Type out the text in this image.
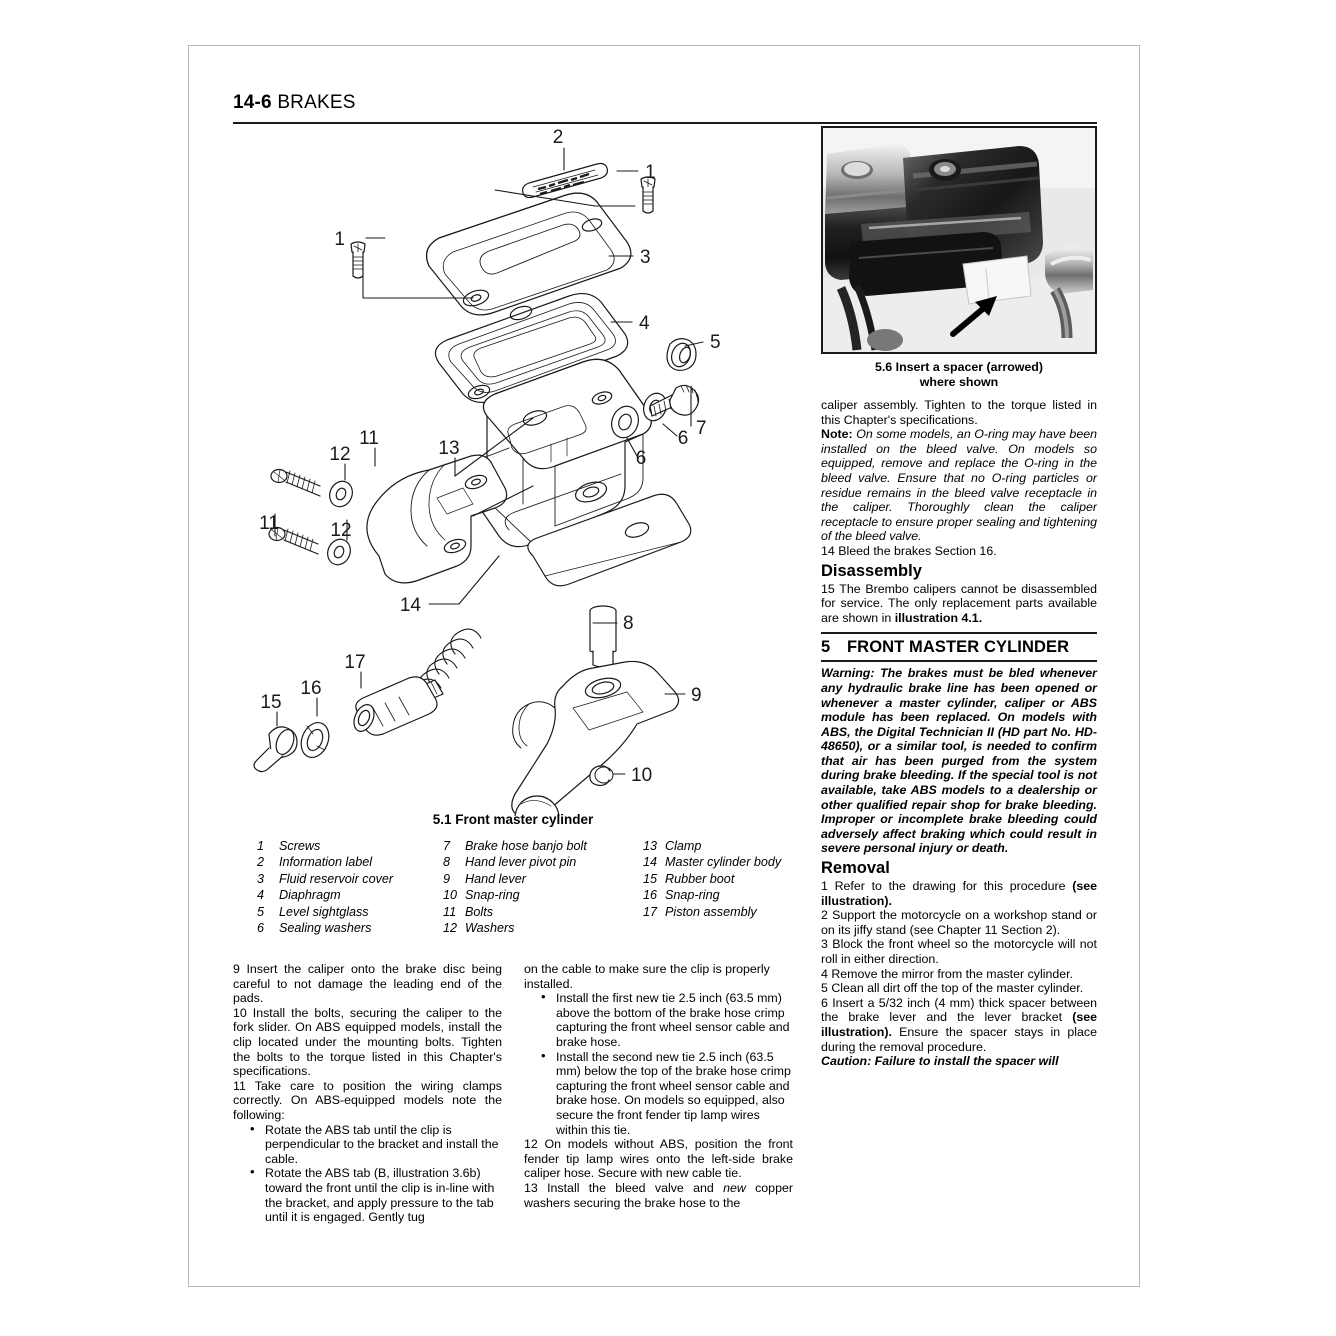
14-6 BRAKES
2
1
1
3
4
5
6
6
7
11
12
11	12
13
14
8
9
10
17
16
15
5.1 Front master cylinder
1	Screws
2	Information label
3	Fluid reservoir cover
4	Diaphragm
5	Level sightglass
6	Sealing washers
7	Brake hose banjo bolt
8	Hand lever pivot pin
9	Hand lever
10 Snap-ring
11 Bolts
12 Washers
13 Clamp
14 Master cylinder body
15 Rubber boot
16 Snap-ring
17 Piston assembly
5.6 Insert a spacer (arrowed)
where shown

caliper assembly. Tighten to the torque listed in this Chapter's specifications.

Note: On some models, an O-ring may have been installed on the bleed valve. On models so equipped, remove and replace the O-ring in the bleed valve. Ensure that no O-ring particles or residue remains in the bleed valve receptacle in the caliper. Thoroughly clean the caliper receptacle to ensure proper sealing and tightening of the bleed valve.

14 Bleed the brakes Section 16.

Disassembly

15 The Brembo calipers cannot be disassembled for service. The only replacement parts available are shown in illustration 4.1.

5	FRONT MASTER CYLINDER

Warning: The brakes must be bled whenever any hydraulic brake line has been opened or whenever a master cylinder, caliper or ABS module has been replaced. On models with ABS, the Digital Technician II (HD part No. HD-48650), or a similar tool, is needed to confirm that air has been purged from the system during brake bleeding. If the special tool is not available, take ABS models to a dealership or other qualified repair shop for brake bleeding. Improper or incomplete brake bleeding could adversely affect braking which could result in severe personal injury or death.

Removal

1 Refer to the drawing for this procedure (see illustration).

2 Support the motorcycle on a workshop stand or on its jiffy stand (see Chapter 11 Section 2).

3 Block the front wheel so the motorcycle will not roll in either direction.

4 Remove the mirror from the master cylinder.

5 Clean all dirt off the top of the master cylinder.

6 Insert a 5/32 inch (4 mm) thick spacer between the brake lever and the lever bracket (see illustration). Ensure the spacer stays in place during the removal procedure.

Caution: Failure to install the spacer will

9 Insert the caliper onto the brake disc being careful to not damage the leading end of the pads.

10 Install the bolts, securing the caliper to the fork slider. On ABS equipped models, install the clip located under the mounting bolts. Tighten the bolts to the torque listed in this Chapter's specifications.

11 Take care to position the wiring clamps correctly. On ABS-equipped models note the following:

• Rotate the ABS tab until the clip is perpendicular to the bracket and install the cable.
• Rotate the ABS tab (B, illustration 3.6b) toward the front until the clip is in-line with the bracket, and apply pressure to the tab until it is engaged. Gently tug
on the cable to make sure the clip is properly installed.
• Install the first new tie 2.5 inch (63.5 mm) above the bottom of the brake hose crimp capturing the front wheel sensor cable and brake hose.
• Install the second new tie 2.5 inch (63.5 mm) below the top of the brake hose crimp capturing the front wheel sensor cable and brake hose. On models so equipped, also secure the front fender tip lamp wires within this tie.

12 On models without ABS, position the front fender tip lamp wires onto the left-side brake caliper hose. Secure with new cable tie.

13 Install the bleed valve and new copper washers securing the brake hose to the
